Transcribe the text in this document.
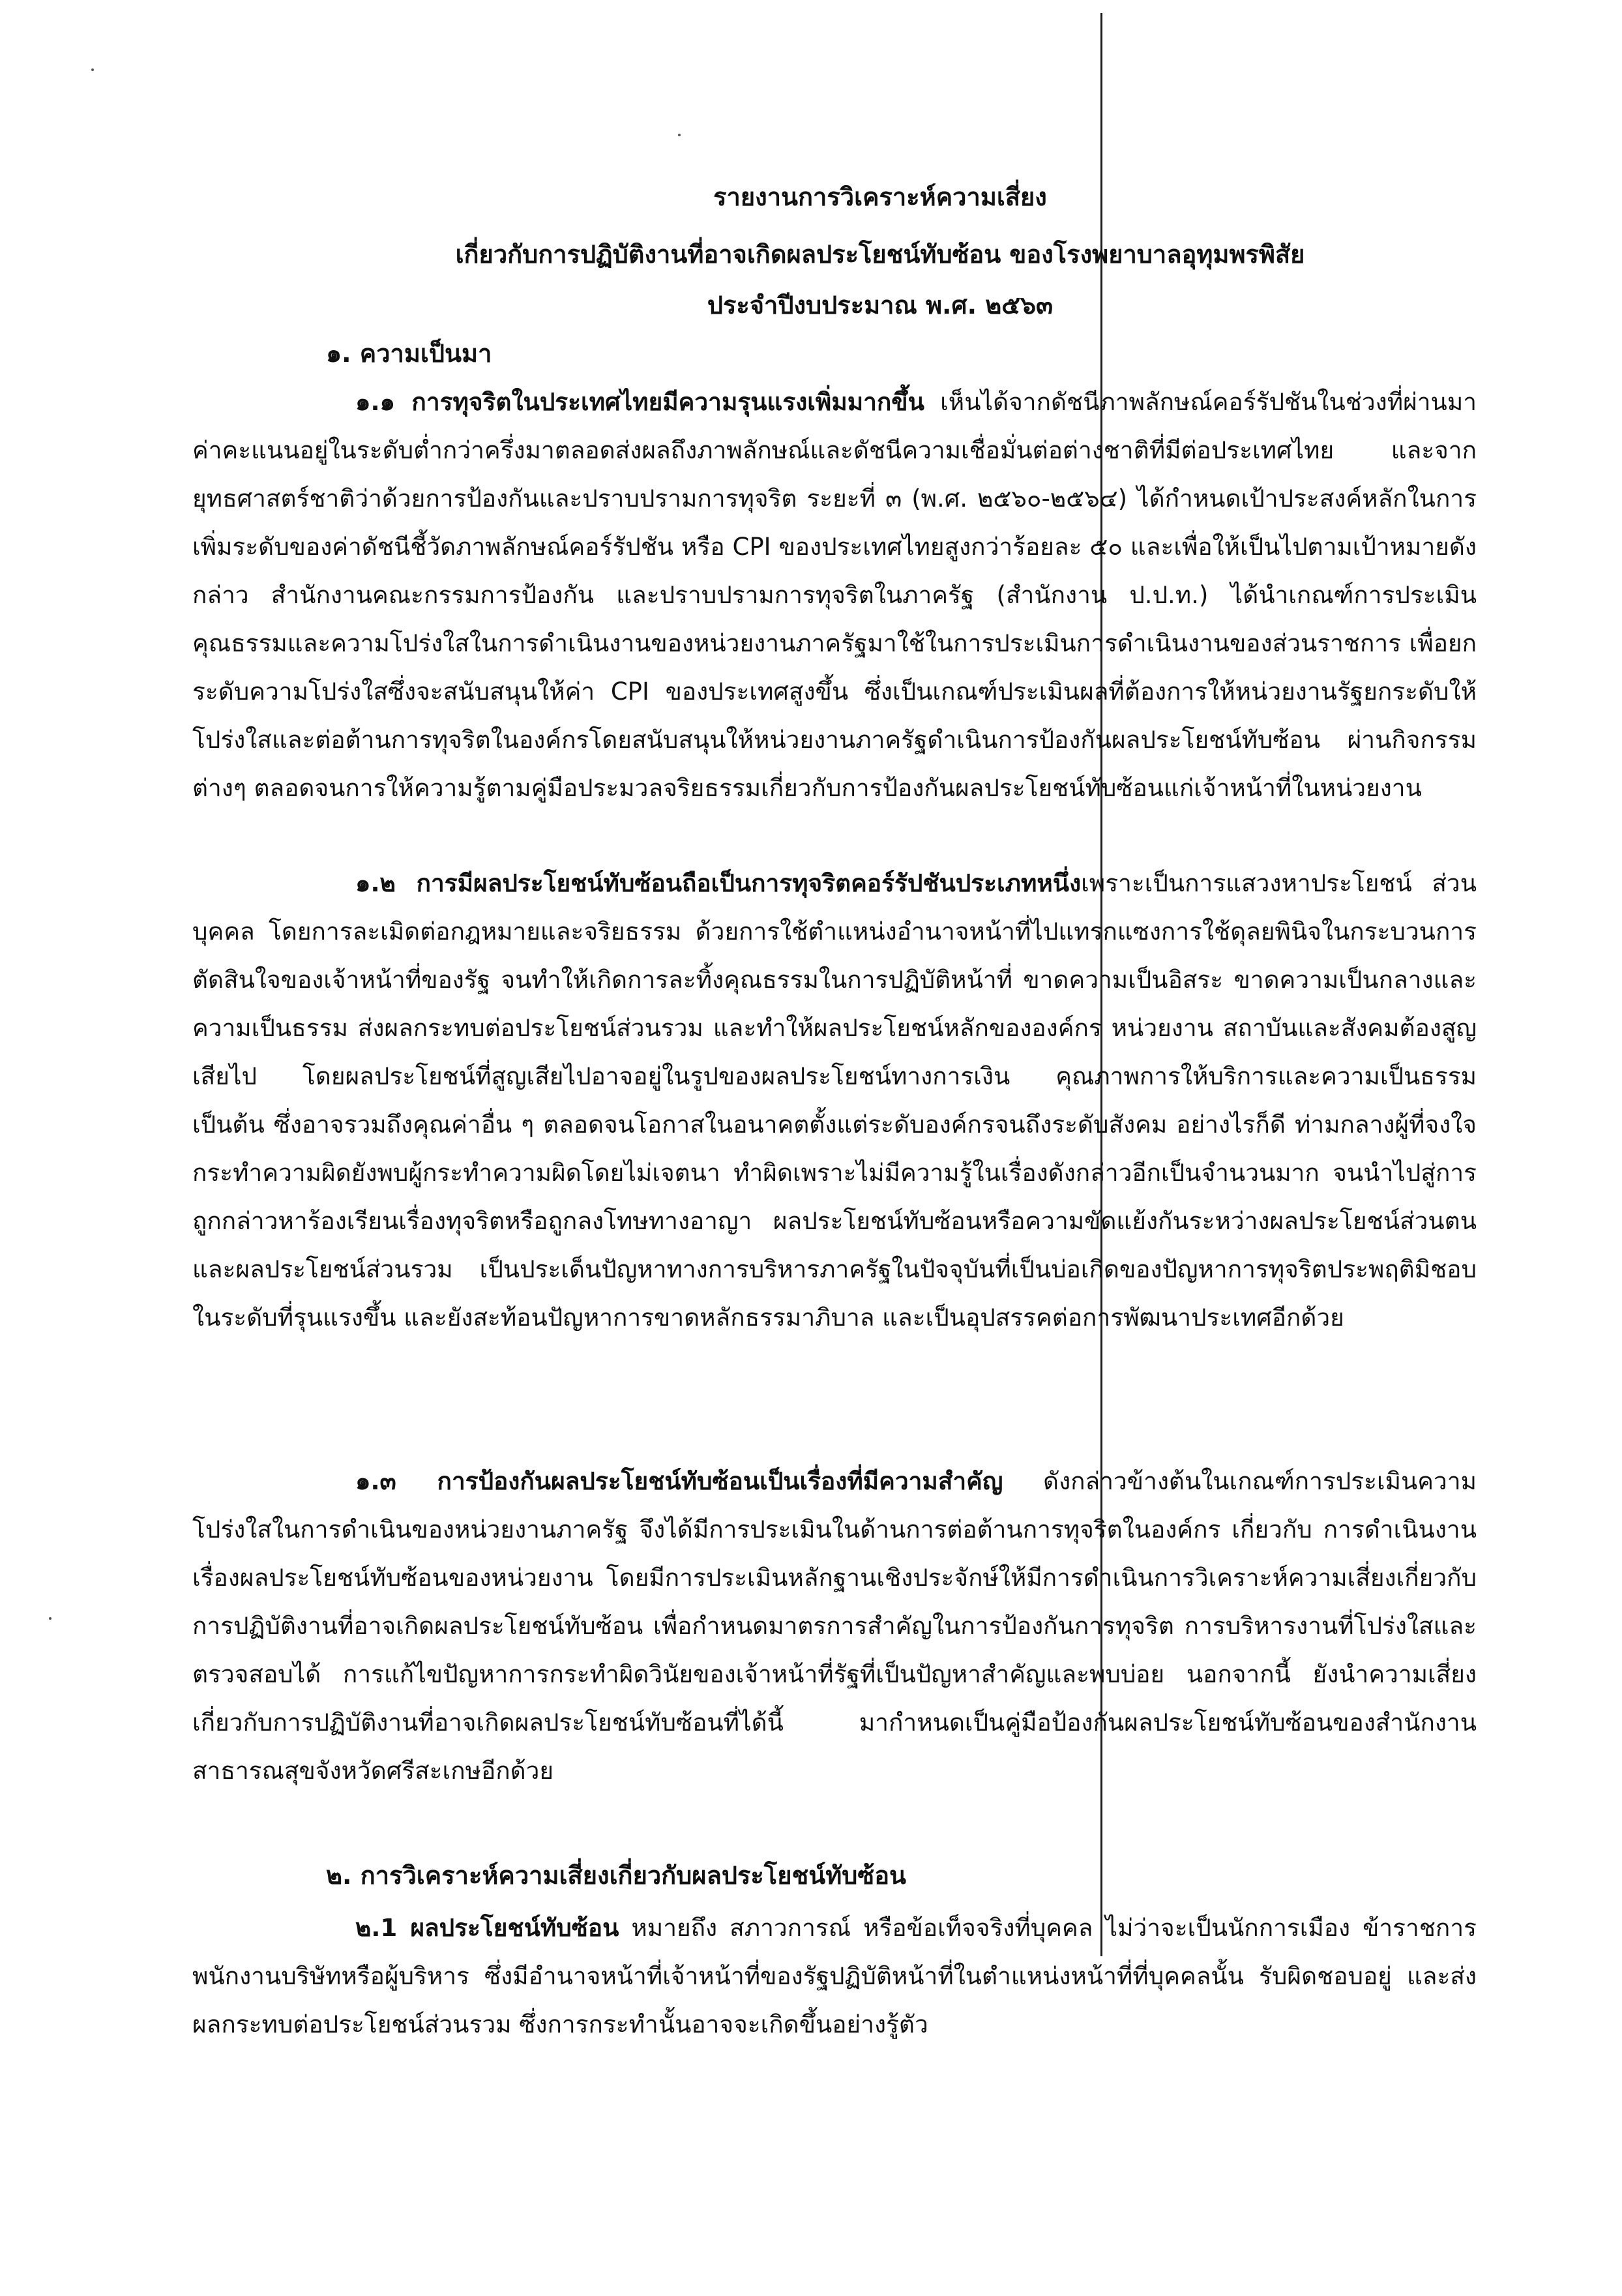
รายงานการวิเคราะห์ความเสี่ยง
เกี่ยวกับการปฏิบัติงานที่อาจเกิดผลประโยชน์ทับซ้อน ของโรงพยาบาลอุทุมพรพิสัย
ประจำปีงบประมาณ พ.ศ. ๒๕๖๓
๑. ความเป็นมา
๑.๑ การทุจริตในประเทศไทยมีความรุนแรงเพิ่มมากขึ้น เห็นได้จากดัชนีภาพลักษณ์คอร์รัปชันในช่วงที่ผ่านมา ค่าคะแนนอยู่ในระดับต่ำกว่าครึ่งมาตลอดส่งผลถึงภาพลักษณ์และดัชนีความเชื่อมั่นต่อต่างชาติที่มีต่อประเทศไทย และจากยุทธศาสตร์ชาติว่าด้วยการป้องกันและปราบปรามการทุจริต ระยะที่ ๓ (พ.ศ. ๒๕๖๐-๒๕๖๔) ได้กำหนดเป้าประสงค์หลักในการเพิ่มระดับของค่าดัชนีชี้วัดภาพลักษณ์คอร์รัปชัน หรือ CPI ของประเทศไทยสูงกว่าร้อยละ ๕๐ และเพื่อให้เป็นไปตามเป้าหมายดังกล่าว สำนักงานคณะกรรมการป้องกัน และปราบปรามการทุจริตในภาครัฐ (สำนักงาน ป.ป.ท.) ได้นำเกณฑ์การประเมินคุณธรรมและความโปร่งใสในการดำเนินงานของหน่วยงานภาครัฐมาใช้ในการประเมินการดำเนินงานของส่วนราชการ เพื่อยกระดับความโปร่งใสซึ่งจะสนับสนุนให้ค่า CPI ของประเทศสูงขึ้น ซึ่งเป็นเกณฑ์ประเมินผลที่ต้องการให้หน่วยงานรัฐยกระดับให้โปร่งใสและต่อต้านการทุจริตในองค์กรโดยสนับสนุนให้หน่วยงานภาครัฐดำเนินการป้องกันผลประโยชน์ทับซ้อน ผ่านกิจกรรมต่างๆ ตลอดจนการให้ความรู้ตามคู่มือประมวลจริยธรรมเกี่ยวกับการป้องกันผลประโยชน์ทับซ้อนแก่เจ้าหน้าที่ในหน่วยงาน
๑.๒ การมีผลประโยชน์ทับซ้อนถือเป็นการทุจริตคอร์รัปชันประเภทหนึ่งเพราะเป็นการแสวงหาประโยชน์ ส่วนบุคคล โดยการละเมิดต่อกฎหมายและจริยธรรม ด้วยการใช้ตำแหน่งอำนาจหน้าที่ไปแทรกแซงการใช้ดุลยพินิจในกระบวนการตัดสินใจของเจ้าหน้าที่ของรัฐ จนทำให้เกิดการละทิ้งคุณธรรมในการปฏิบัติหน้าที่ ขาดความเป็นอิสระ ขาดความเป็นกลางและความเป็นธรรม ส่งผลกระทบต่อประโยชน์ส่วนรวม และทำให้ผลประโยชน์หลักขององค์กร หน่วยงาน สถาบันและสังคมต้องสูญเสียไป โดยผลประโยชน์ที่สูญเสียไปอาจอยู่ในรูปของผลประโยชน์ทางการเงิน คุณภาพการให้บริการและความเป็นธรรม เป็นต้น ซึ่งอาจรวมถึงคุณค่าอื่น ๆ ตลอดจนโอกาสในอนาคตตั้งแต่ระดับองค์กรจนถึงระดับสังคม อย่างไรก็ดี ท่ามกลางผู้ที่จงใจกระทำความผิดยังพบผู้กระทำความผิดโดยไม่เจตนา ทำผิดเพราะไม่มีความรู้ในเรื่องดังกล่าวอีกเป็นจำนวนมาก จนนำไปสู่การถูกกล่าวหาร้องเรียนเรื่องทุจริตหรือถูกลงโทษทางอาญา ผลประโยชน์ทับซ้อนหรือความขัดแย้งกันระหว่างผลประโยชน์ส่วนตนและผลประโยชน์ส่วนรวม เป็นประเด็นปัญหาทางการบริหารภาครัฐในปัจจุบันที่เป็นบ่อเกิดของปัญหาการทุจริตประพฤติมิชอบในระดับที่รุนแรงขึ้น และยังสะท้อนปัญหาการขาดหลักธรรมาภิบาล และเป็นอุปสรรคต่อการพัฒนาประเทศอีกด้วย
๑.๓ การป้องกันผลประโยชน์ทับซ้อนเป็นเรื่องที่มีความสำคัญ ดังกล่าวข้างต้นในเกณฑ์การประเมินความ โปร่งใสในการดำเนินของหน่วยงานภาครัฐ จึงได้มีการประเมินในด้านการต่อต้านการทุจริตในองค์กร เกี่ยวกับ การดำเนินงานเรื่องผลประโยชน์ทับซ้อนของหน่วยงาน โดยมีการประเมินหลักฐานเชิงประจักษ์ให้มีการดำเนินการวิเคราะห์ความเสี่ยงเกี่ยวกับการปฏิบัติงานที่อาจเกิดผลประโยชน์ทับซ้อน เพื่อกำหนดมาตรการสำคัญในการป้องกันการทุจริต การบริหารงานที่โปร่งใสและตรวจสอบได้ การแก้ไขปัญหาการกระทำผิดวินัยของเจ้าหน้าที่รัฐที่เป็นปัญหาสำคัญและพบบ่อย นอกจากนี้ ยังนำความเสี่ยงเกี่ยวกับการปฏิบัติงานที่อาจเกิดผลประโยชน์ทับซ้อนที่ได้นี้ มากำหนดเป็นคู่มือป้องกันผลประโยชน์ทับซ้อนของสำนักงานสาธารณสุขจังหวัดศรีสะเกษอีกด้วย
๒. การวิเคราะห์ความเสี่ยงเกี่ยวกับผลประโยชน์ทับซ้อน
๒.1 ผลประโยชน์ทับซ้อน หมายถึง สภาวการณ์ หรือข้อเท็จจริงที่บุคคล ไม่ว่าจะเป็นนักการเมือง ข้าราชการ พนักงานบริษัทหรือผู้บริหาร ซึ่งมีอำนาจหน้าที่เจ้าหน้าที่ของรัฐปฏิบัติหน้าที่ในตำแหน่งหน้าที่ที่บุคคลนั้น รับผิดชอบอยู่ และส่งผลกระทบต่อประโยชน์ส่วนรวม ซึ่งการกระทำนั้นอาจจะเกิดขึ้นอย่างรู้ตัว
